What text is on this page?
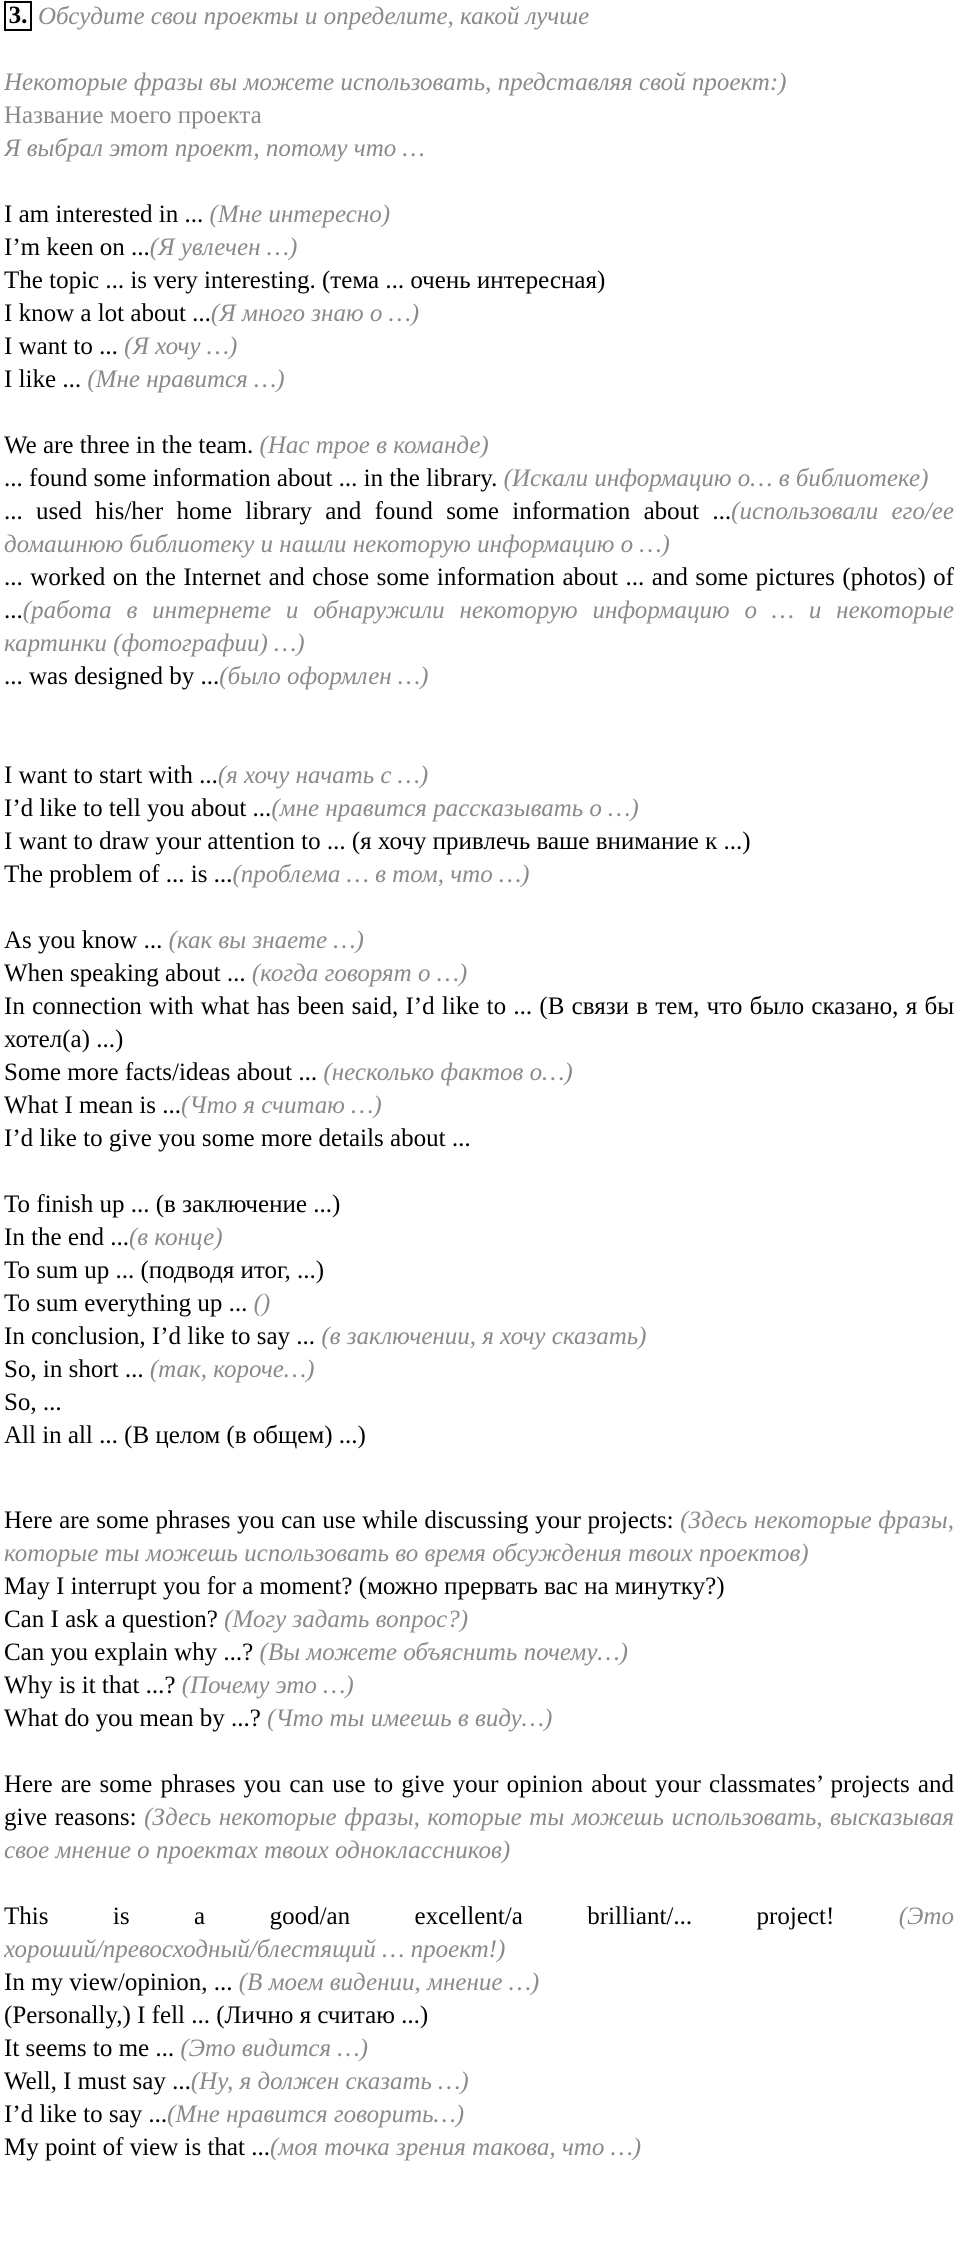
3. Обсудите свои проекты и определите, какой лучше
Некоторые фразы вы можете использовать, представляя свой проект:)
Название моего проекта
Я выбрал этот проект, потому что …
I am interested in ... (Мне интересно)
I’m keen on ...(Я увлечен …)
The topic ... is very interesting. (тема ... очень интересная)
I know a lot about ...(Я много знаю о …)
I want to ... (Я хочу …)
I like ... (Мне нравится …)
We are three in the team. (Нас трое в команде)
... found some information about ... in the library. (Искали информацию о… в библиотеке)
... used his/her home library and found some information about ...(использовали его/ее домашнюю библиотеку и нашли некоторую информацию о …)
... worked on the Internet and chose some information about ... and some pictures (photos) of ...(работа в интернете и обнаружили некоторую информацию о … и некоторые картинки (фотографии) …)
... was designed by ...(было оформлен …)
I want to start with ...(я хочу начать с …)
I’d like to tell you about ...(мне нравится рассказывать о …)
I want to draw your attention to ... (я хочу привлечь ваше внимание к ...)
The problem of ... is ...(проблема … в том, что …)
As you know ... (как вы знаете …)
When speaking about ... (когда говорят о …)
In connection with what has been said, I’d like to ... (В связи в тем, что было сказано, я бы хотел(а) ...)
Some more facts/ideas about ... (несколько фактов о…)
What I mean is ...(Что я считаю …)
I’d like to give you some more details about ...
To finish up ... (в заключение ...)
In the end ...(в конце)
To sum up ... (подводя итог, ...)
To sum everything up ... ()
In conclusion, I’d like to say ... (в заключении, я хочу сказать)
So, in short ... (так, короче…)
So, ...
All in all ... (В целом (в общем) ...)
Here are some phrases you can use while discussing your projects: (Здесь некоторые фразы, которые ты можешь использовать во время обсуждения твоих проектов)
May I interrupt you for a moment? (можно прервать вас на минутку?)
Can I ask a question? (Могу задать вопрос?)
Can you explain why ...? (Вы можете объяснить почему…)
Why is it that ...? (Почему это …)
What do you mean by ...? (Что ты имеешь в виду…)
Here are some phrases you can use to give your opinion about your classmates’ projects and give reasons: (Здесь некоторые фразы, которые ты можешь использовать, высказывая свое мнение о проектах твоих одноклассников)
This	is	a	good/an	excellent/a	brilliant/...	project!	(Это
хороший/превосходный/блестящий … проект!)
In my view/opinion, ... (В моем видении, мнение …)
(Personally,) I fell ... (Лично я считаю ...)
It seems to me ... (Это видится …)
Well, I must say ...(Ну, я должен сказать …)
I’d like to say ...(Мне нравится говорить…)
My point of view is that ...(моя точка зрения такова, что …)
